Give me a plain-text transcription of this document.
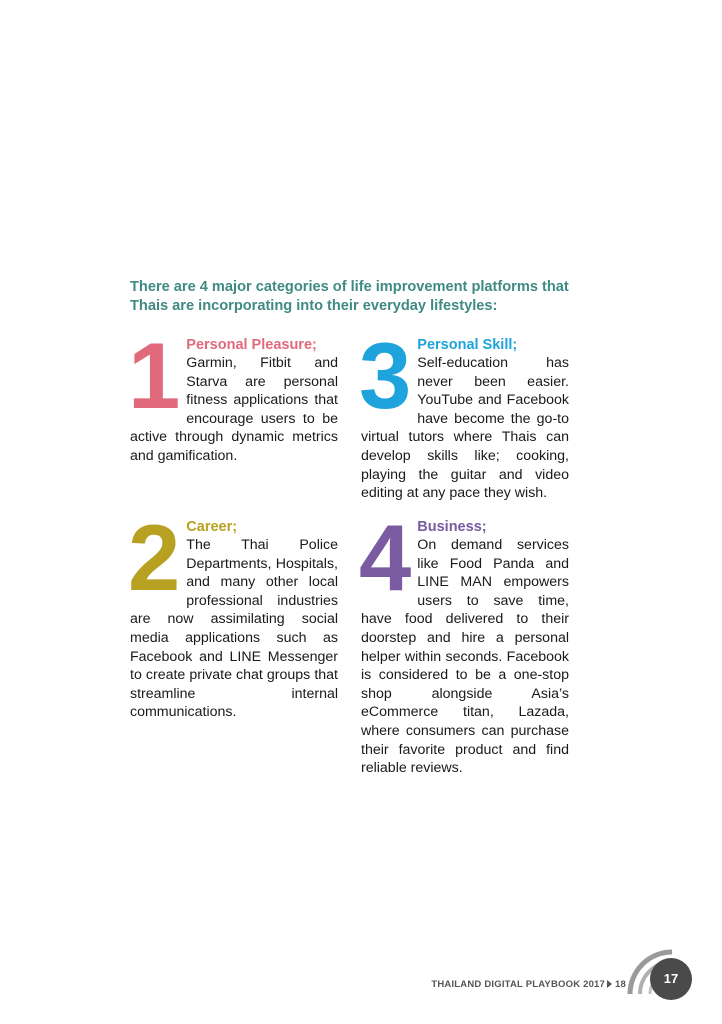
There are 4 major categories of life improvement platforms that Thais are incorporating into their everyday lifestyles:

1 Personal Pleasure;

Garmin, Fitbit and Starva are personal fitness applications that encourage users to be active through dynamic metrics and gamification.

2 Career;

The Thai Police Departments, Hospitals, and many other local professional industries are now assimilating social media applications such as Facebook and LINE Messenger to create private chat groups that streamline internal communications.

3 Personal Skill;

Self-education has never been easier. YouTube and Facebook have become the go-to virtual tutors where Thais can develop skills like; cooking, playing the guitar and video editing at any pace they wish.

4 Business;

On demand services like Food Panda and LINE MAN empowers users to save time, have food delivered to their doorstep and hire a personal helper within seconds. Facebook is considered to be a one-stop shop alongside Asia’s eCommerce titan, Lazada, where consumers can purchase their favorite product and find reliable reviews.

THAILAND DIGITAL PLAYBOOK 2017 18	17
